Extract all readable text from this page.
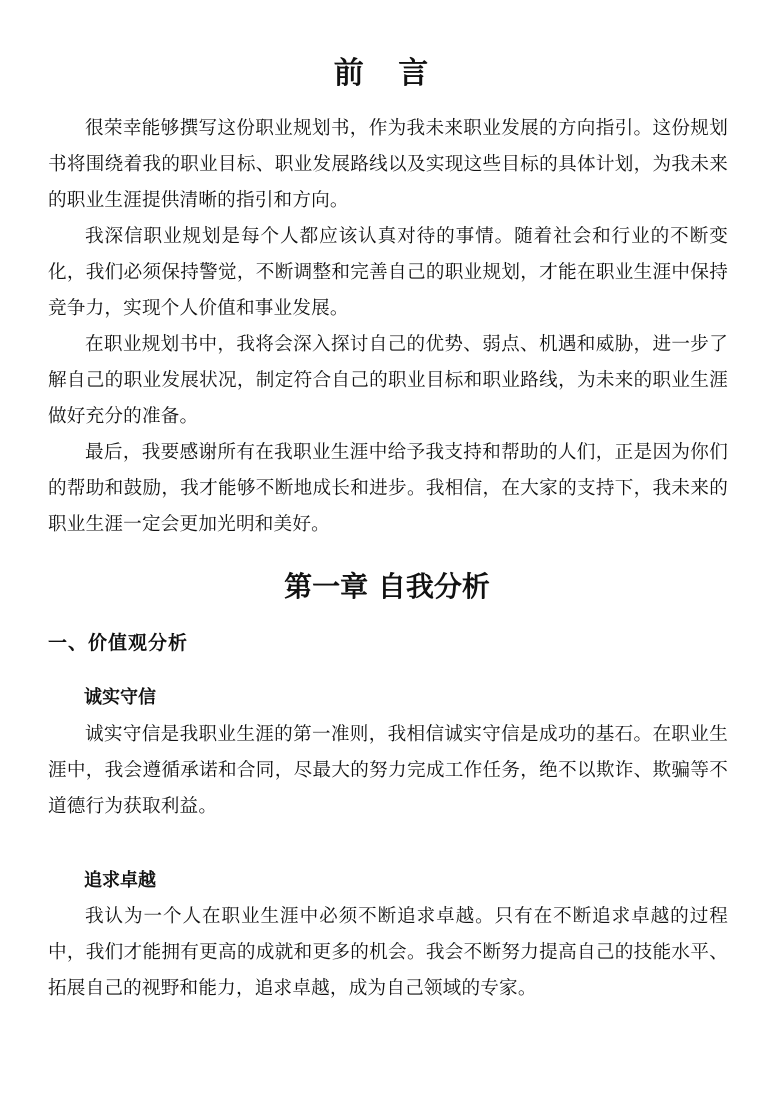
前 言

很荣幸能够撰写这份职业规划书，作为我未来职业发展的方向指引。这份规划书将围绕着我的职业目标、职业发展路线以及实现这些目标的具体计划，为我未来的职业生涯提供清晰的指引和方向。

我深信职业规划是每个人都应该认真对待的事情。随着社会和行业的不断变化，我们必须保持警觉，不断调整和完善自己的职业规划，才能在职业生涯中保持竞争力，实现个人价值和事业发展。

在职业规划书中，我将会深入探讨自己的优势、弱点、机遇和威胁，进一步了解自己的职业发展状况，制定符合自己的职业目标和职业路线，为未来的职业生涯做好充分的准备。

最后，我要感谢所有在我职业生涯中给予我支持和帮助的人们，正是因为你们的帮助和鼓励，我才能够不断地成长和进步。我相信，在大家的支持下，我未来的职业生涯一定会更加光明和美好。

第一章 自我分析
一、价值观分析
诚实守信

诚实守信是我职业生涯的第一准则，我相信诚实守信是成功的基石。在职业生涯中，我会遵循承诺和合同，尽最大的努力完成工作任务，绝不以欺诈、欺骗等不道德行为获取利益。

追求卓越

我认为一个人在职业生涯中必须不断追求卓越。只有在不断追求卓越的过程中，我们才能拥有更高的成就和更多的机会。我会不断努力提高自己的技能水平、拓展自己的视野和能力，追求卓越，成为自己领域的专家。
